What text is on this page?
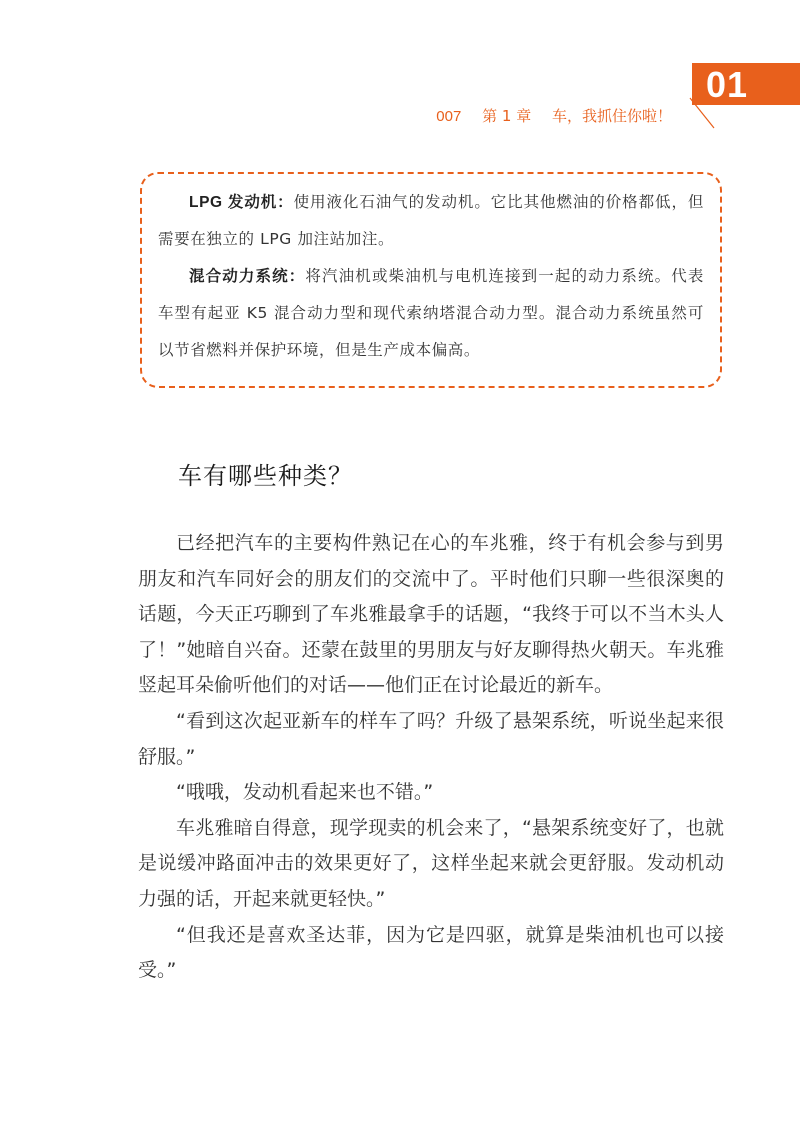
01
007 第 1 章 车，我抓住你啦！

LPG 发动机：使用液化石油气的发动机。它比其他燃油的价格都低，但需要在独立的 LPG 加注站加注。

混合动力系统：将汽油机或柴油机与电机连接到一起的动力系统。代表车型有起亚 K5 混合动力型和现代索纳塔混合动力型。混合动力系统虽然可以节省燃料并保护环境，但是生产成本偏高。

车有哪些种类？

已经把汽车的主要构件熟记在心的车兆雅，终于有机会参与到男朋友和汽车同好会的朋友们的交流中了。平时他们只聊一些很深奥的话题，今天正巧聊到了车兆雅最拿手的话题，“我终于可以不当木头人了！”她暗自兴奋。还蒙在鼓里的男朋友与好友聊得热火朝天。车兆雅竖起耳朵偷听他们的对话——他们正在讨论最近的新车。

“看到这次起亚新车的样车了吗？升级了悬架系统，听说坐起来很舒服。”

“哦哦，发动机看起来也不错。”

车兆雅暗自得意，现学现卖的机会来了，“悬架系统变好了，也就是说缓冲路面冲击的效果更好了，这样坐起来就会更舒服。发动机动力强的话，开起来就更轻快。”

“但我还是喜欢圣达菲，因为它是四驱，就算是柴油机也可以接受。”
